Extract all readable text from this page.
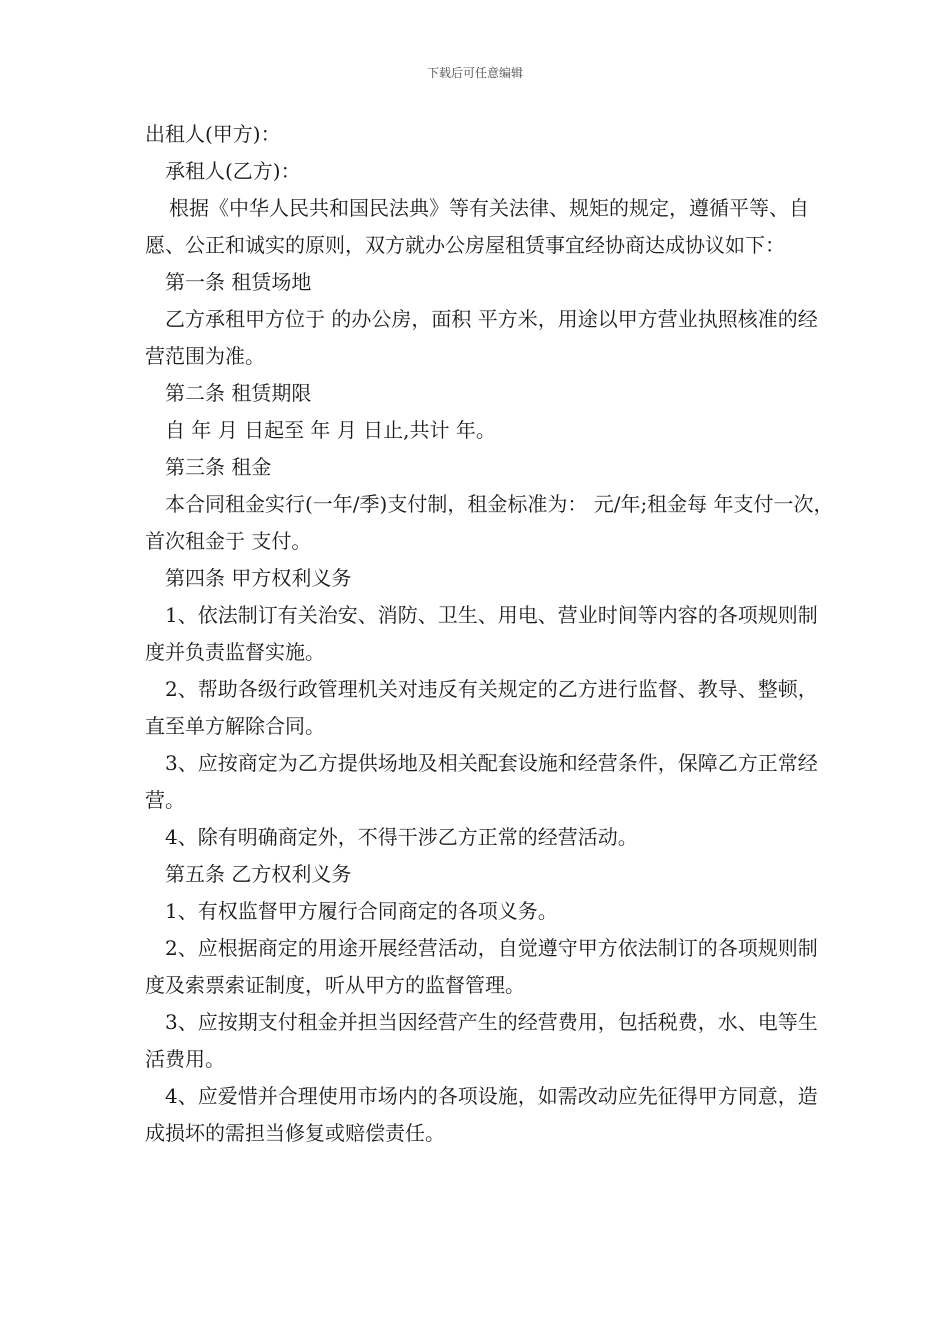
下载后可任意编辑

出租人(甲方)：

承租人(乙方)：

根据《中华人民共和国民法典》等有关法律、规矩的规定，遵循平等、自愿、公正和诚实的原则，双方就办公房屋租赁事宜经协商达成协议如下：

第一条 租赁场地

乙方承租甲方位于 的办公房，面积 平方米，用途以甲方营业执照核准的经营范围为准。

第二条 租赁期限

自 年 月 日起至 年 月 日止,共计 年。

第三条 租金

本合同租金实行(一年/季)支付制，租金标准为： 元/年;租金每 年支付一次，首次租金于 支付。

第四条 甲方权利义务

1、依法制订有关治安、消防、卫生、用电、营业时间等内容的各项规则制度并负责监督实施。

2、帮助各级行政管理机关对违反有关规定的乙方进行监督、教导、整顿，直至单方解除合同。

3、应按商定为乙方提供场地及相关配套设施和经营条件，保障乙方正常经营。

4、除有明确商定外，不得干涉乙方正常的经营活动。

第五条 乙方权利义务

1、有权监督甲方履行合同商定的各项义务。

2、应根据商定的用途开展经营活动，自觉遵守甲方依法制订的各项规则制度及索票索证制度，听从甲方的监督管理。

3、应按期支付租金并担当因经营产生的经营费用，包括税费，水、电等生活费用。

4、应爱惜并合理使用市场内的各项设施，如需改动应先征得甲方同意，造成损坏的需担当修复或赔偿责任。
